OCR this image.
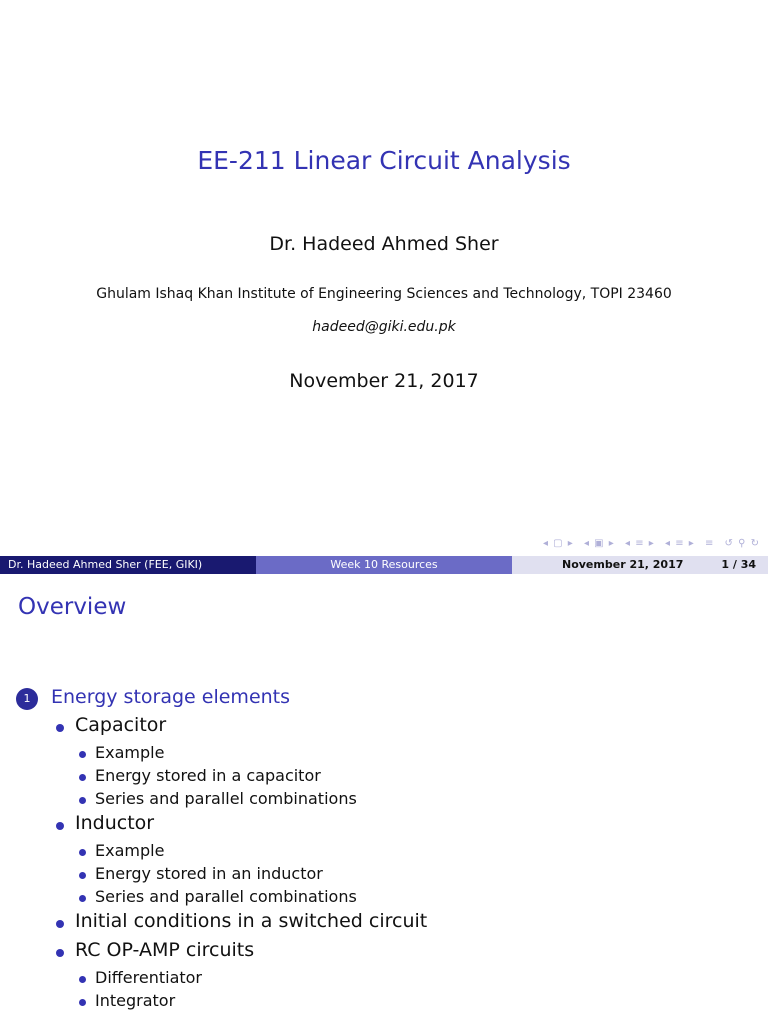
EE-211 Linear Circuit Analysis
Dr. Hadeed Ahmed Sher
Ghulam Ishaq Khan Institute of Engineering Sciences and Technology, TOPI 23460
hadeed@giki.edu.pk
November 21, 2017
◂ ▢ ▸ ◂ ▣ ▸ ◂ ≡ ▸ ◂ ≡ ▸ ≡ ↺ ⚲ ↻
Dr. Hadeed Ahmed Sher (FEE, GIKI)	Week 10 Resources	November 21, 2017	1 / 34
Overview
1	Energy storage elements
Capacitor
Example
Energy stored in a capacitor
Series and parallel combinations
Inductor
Example
Energy stored in an inductor
Series and parallel combinations
Initial conditions in a switched circuit
RC OP-AMP circuits
Differentiator
Integrator
